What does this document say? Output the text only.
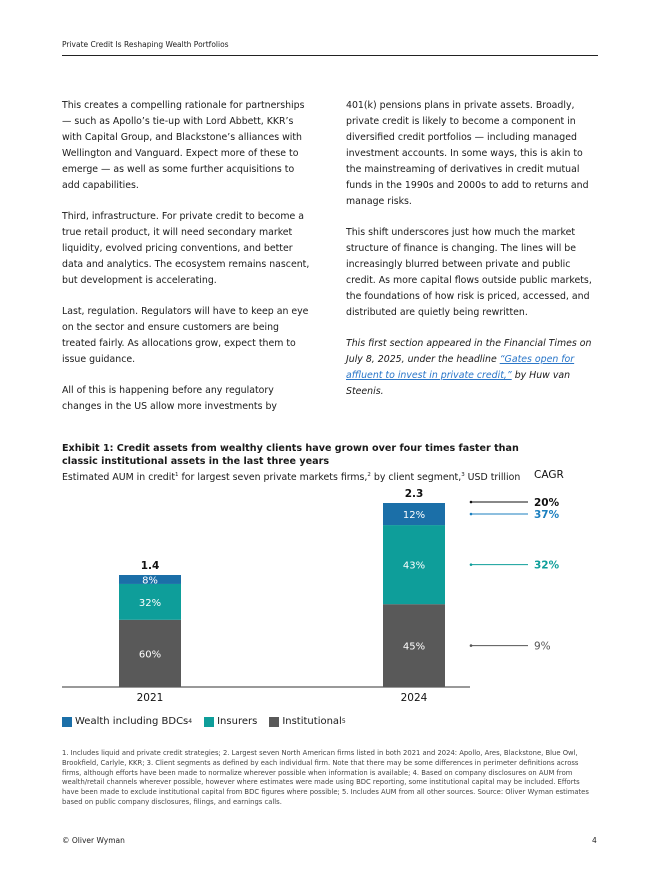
Private Credit Is Reshaping Wealth Portfolios

This creates a compelling rationale for partnerships — such as Apollo’s tie-up with Lord Abbett, KKR’s with Capital Group, and Blackstone’s alliances with Wellington and Vanguard. Expect more of these to emerge — as well as some further acquisitions to add capabilities.

Third, infrastructure. For private credit to become a true retail product, it will need secondary market liquidity, evolved pricing conventions, and better data and analytics. The ecosystem remains nascent, but development is accelerating.

Last, regulation. Regulators will have to keep an eye on the sector and ensure customers are being treated fairly. As allocations grow, expect them to issue guidance.

All of this is happening before any regulatory changes in the US allow more investments by

401(k) pensions plans in private assets. Broadly, private credit is likely to become a component in diversified credit portfolios — including managed investment accounts. In some ways, this is akin to the mainstreaming of derivatives in credit mutual funds in the 1990s and 2000s to add to returns and manage risks.

This shift underscores just how much the market structure of finance is changing. The lines will be increasingly blurred between private and public credit. As more capital flows outside public markets, the foundations of how risk is priced, accessed, and distributed are quietly being rewritten.

This first section appeared in the Financial Times on July 8, 2025, under the headline “Gates open for affluent to invest in private credit,” by Huw van Steenis.

Exhibit 1: Credit assets from wealthy clients have grown over four times faster than classic institutional assets in the last three years
Estimated AUM in credit$^1$ for largest seven private markets firms,$^2$ by client segment,$^3$ USD trillion
60%
32%
8%
1.4
2021
45%
43%
12%
2.3
2024
CAGR
20%
9%
32%
37%
Wealth including BDCs 4	Insurers	Institutional 5
1. Includes liquid and private credit strategies; 2. Largest seven North American firms listed in both 2021 and 2024: Apollo, Ares, Blackstone, Blue Owl, Brookfield, Carlyle, KKR; 3. Client segments as defined by each individual firm. Note that there may be some differences in perimeter definitions across firms, although efforts have been made to normalize wherever possible when information is available; 4. Based on company disclosures on AUM from wealth/retail channels wherever possible, however where estimates were made using BDC reporting, some institutional capital may be included. Efforts have been made to exclude institutional capital from BDC figures where possible; 5. Includes AUM from all other sources. Source: Oliver Wyman estimates based on public company disclosures, filings, and earnings calls.
© Oliver Wyman	4
